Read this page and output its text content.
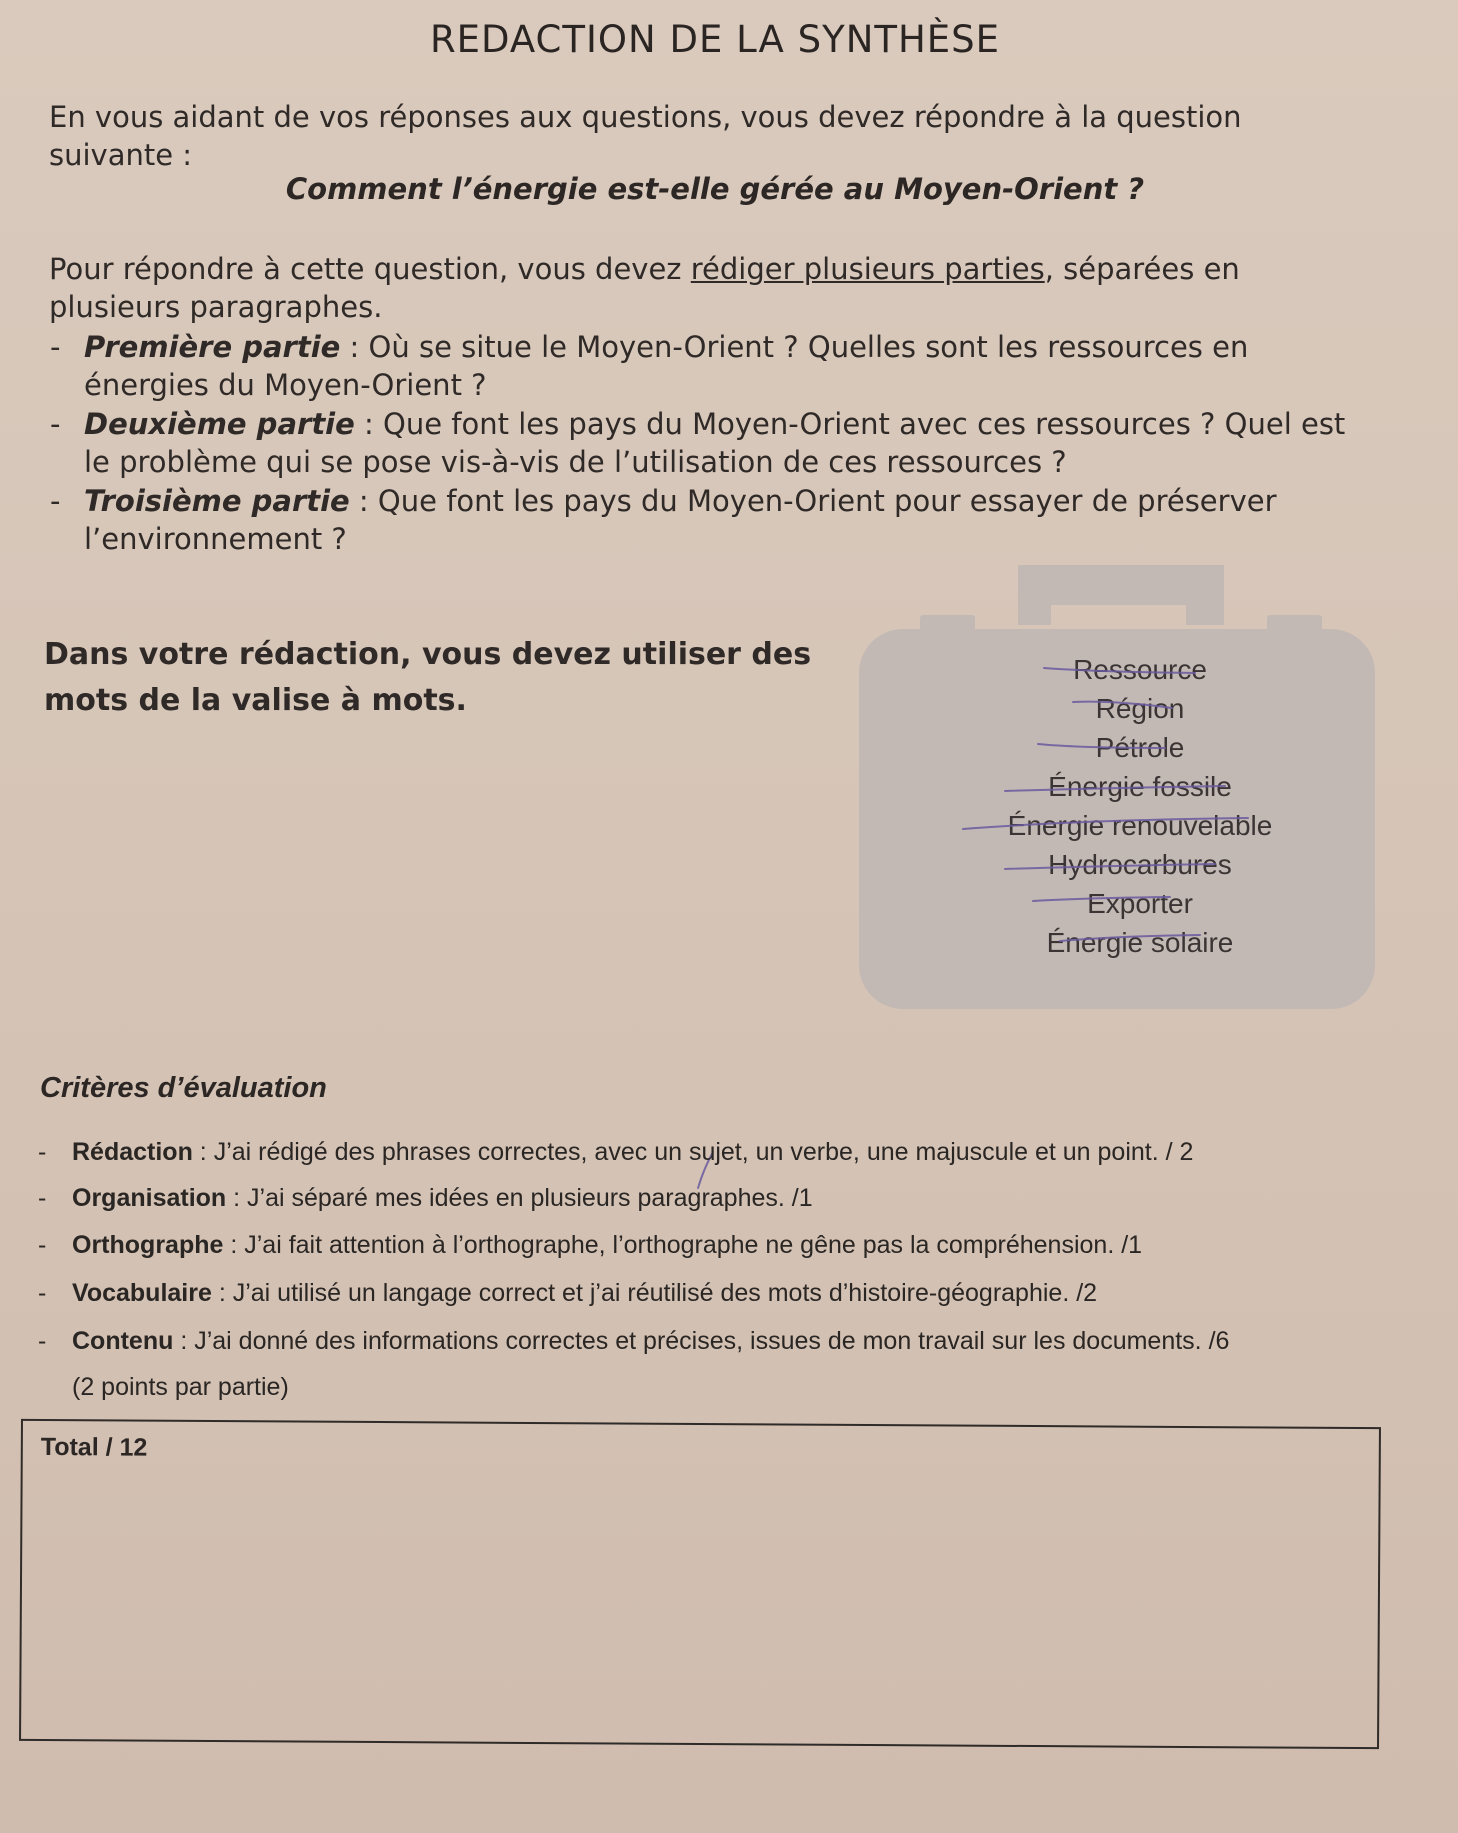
REDACTION DE LA SYNTHÈSE

En vous aidant de vos réponses aux questions, vous devez répondre à la question suivante :

Comment l’énergie est-elle gérée au Moyen-Orient ?

Pour répondre à cette question, vous devez rédiger plusieurs parties, séparées en plusieurs paragraphes.

- Première partie : Où se situe le Moyen-Orient ? Quelles sont les ressources en énergies du Moyen-Orient ?
- Deuxième partie : Que font les pays du Moyen-Orient avec ces ressources ? Quel est le problème qui se pose vis-à-vis de l’utilisation de ces ressources ?
- Troisième partie : Que font les pays du Moyen-Orient pour essayer de préserver l’environnement ?

Dans votre rédaction, vous devez utiliser des mots de la valise à mots.

Ressource
Région
Pétrole
Énergie fossile
Énergie renouvelable
Hydrocarbures
Exporter
Énergie solaire

Critères d’évaluation

- Rédaction : J’ai rédigé des phrases correctes, avec un sujet, un verbe, une majuscule et un point. / 2
- Organisation : J’ai séparé mes idées en plusieurs paragraphes. /1
- Orthographe : J’ai fait attention à l’orthographe, l’orthographe ne gêne pas la compréhension. /1
- Vocabulaire : J’ai utilisé un langage correct et j’ai réutilisé des mots d’histoire-géographie. /2
- Contenu : J’ai donné des informations correctes et précises, issues de mon travail sur les documents. /6

(2 points par partie)

Total / 12
